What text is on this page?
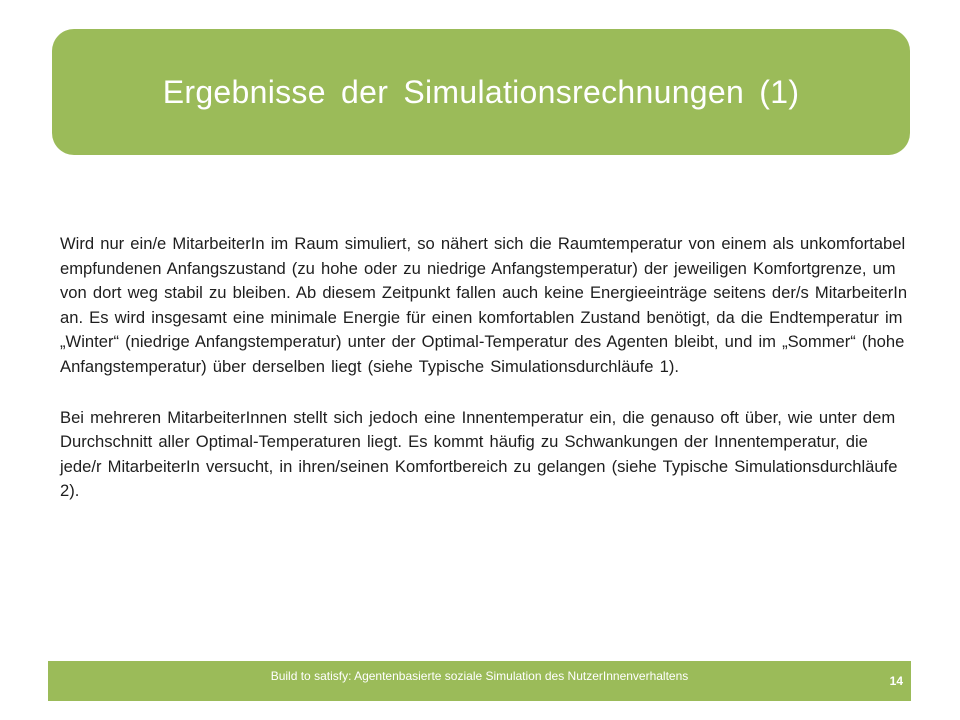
Ergebnisse der Simulationsrechnungen (1)

Wird nur ein/e MitarbeiterIn im Raum simuliert, so nähert sich die Raumtemperatur von einem als unkomfortabel empfundenen Anfangszustand (zu hohe oder zu niedrige Anfangstemperatur) der jeweiligen Komfortgrenze, um von dort weg stabil zu bleiben. Ab diesem Zeitpunkt fallen auch keine Energieeinträge seitens der/s MitarbeiterIn an. Es wird insgesamt eine minimale Energie für einen komfortablen Zustand benötigt, da die Endtemperatur im „Winter“ (niedrige Anfangstemperatur) unter der Optimal-Temperatur des Agenten bleibt, und im „Sommer“ (hohe Anfangstemperatur) über derselben liegt (siehe Typische Simulationsdurchläufe 1).

Bei mehreren MitarbeiterInnen stellt sich jedoch eine Innentemperatur ein, die genauso oft über, wie unter dem Durchschnitt aller Optimal-Temperaturen liegt. Es kommt häufig zu Schwankungen der Innentemperatur, die jede/r MitarbeiterIn versucht, in ihren/seinen Komfortbereich zu gelangen (siehe Typische Simulationsdurchläufe 2).

Build to satisfy: Agentenbasierte soziale Simulation des NutzerInnenverhaltens	14
